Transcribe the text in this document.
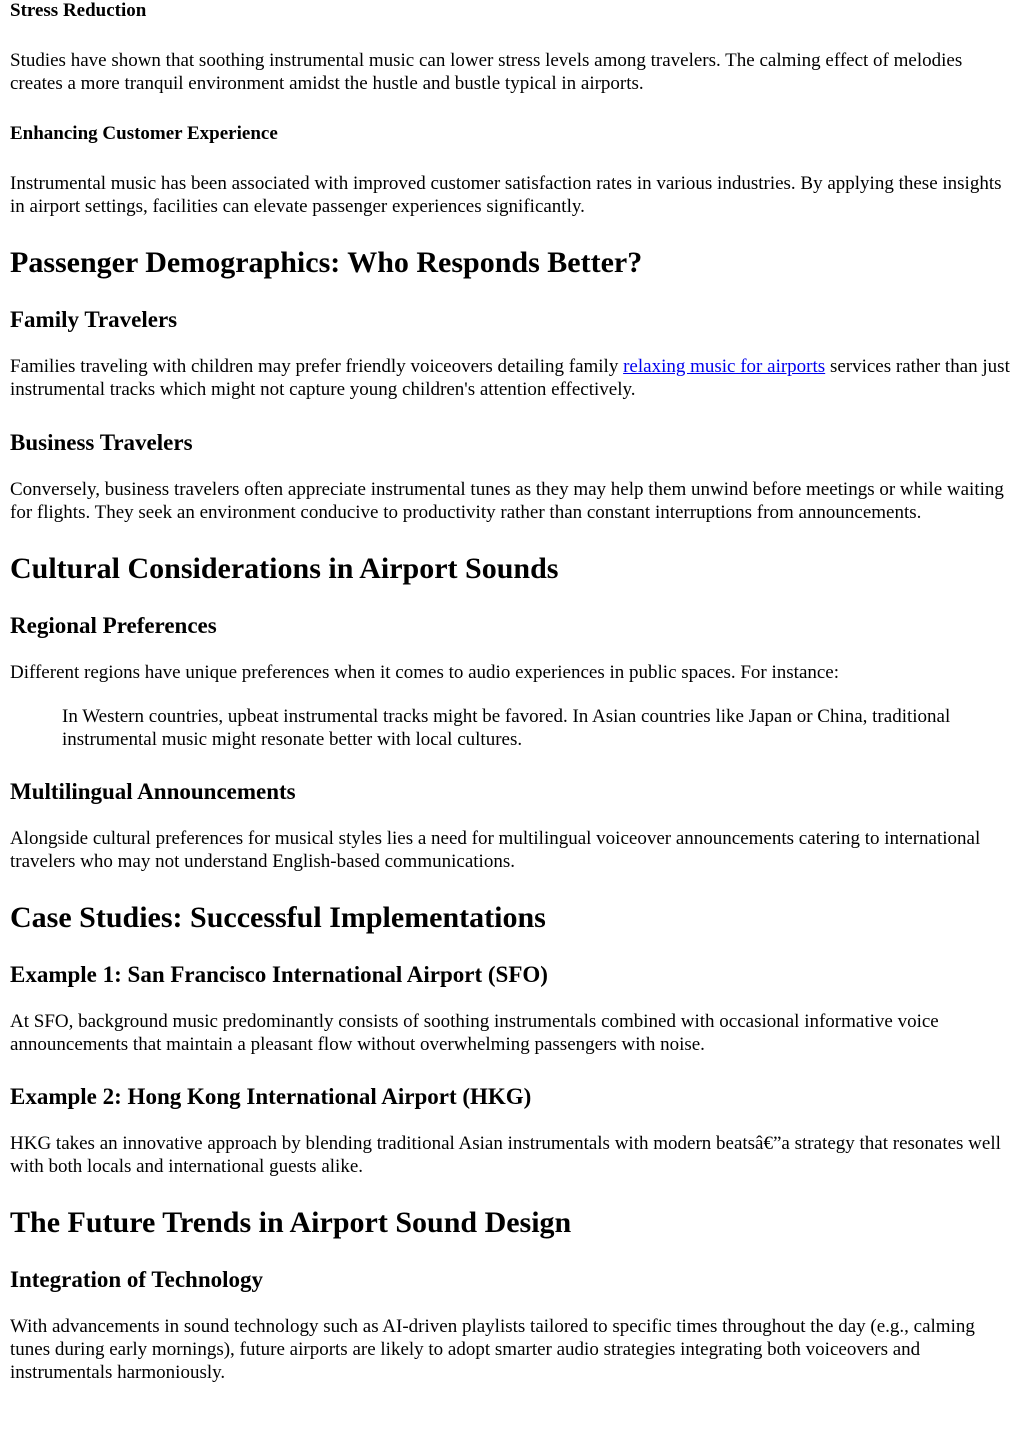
Stress Reduction

Studies have shown that soothing instrumental music can lower stress levels among travelers. The calming effect of melodies creates a more tranquil environment amidst the hustle and bustle typical in airports.

Enhancing Customer Experience

Instrumental music has been associated with improved customer satisfaction rates in various industries. By applying these insights in airport settings, facilities can elevate passenger experiences significantly.

Passenger Demographics: Who Responds Better?
Family Travelers

Families traveling with children may prefer friendly voiceovers detailing family relaxing music for airports services rather than just instrumental tracks which might not capture young children's attention effectively.

Business Travelers

Conversely, business travelers often appreciate instrumental tunes as they may help them unwind before meetings or while waiting for flights. They seek an environment conducive to productivity rather than constant interruptions from announcements.

Cultural Considerations in Airport Sounds
Regional Preferences

Different regions have unique preferences when it comes to audio experiences in public spaces. For instance:

In Western countries, upbeat instrumental tracks might be favored. In Asian countries like Japan or China, traditional instrumental music might resonate better with local cultures.
Multilingual Announcements

Alongside cultural preferences for musical styles lies a need for multilingual voiceover announcements catering to international travelers who may not understand English-based communications.

Case Studies: Successful Implementations
Example 1: San Francisco International Airport (SFO)

At SFO, background music predominantly consists of soothing instrumentals combined with occasional informative voice announcements that maintain a pleasant flow without overwhelming passengers with noise.

Example 2: Hong Kong International Airport (HKG)

HKG takes an innovative approach by blending traditional Asian instrumentals with modern beatsâ€”a strategy that resonates well with both locals and international guests alike.

The Future Trends in Airport Sound Design
Integration of Technology

With advancements in sound technology such as AI-driven playlists tailored to specific times throughout the day (e.g., calming tunes during early mornings), future airports are likely to adopt smarter audio strategies integrating both voiceovers and instrumentals harmoniously.
